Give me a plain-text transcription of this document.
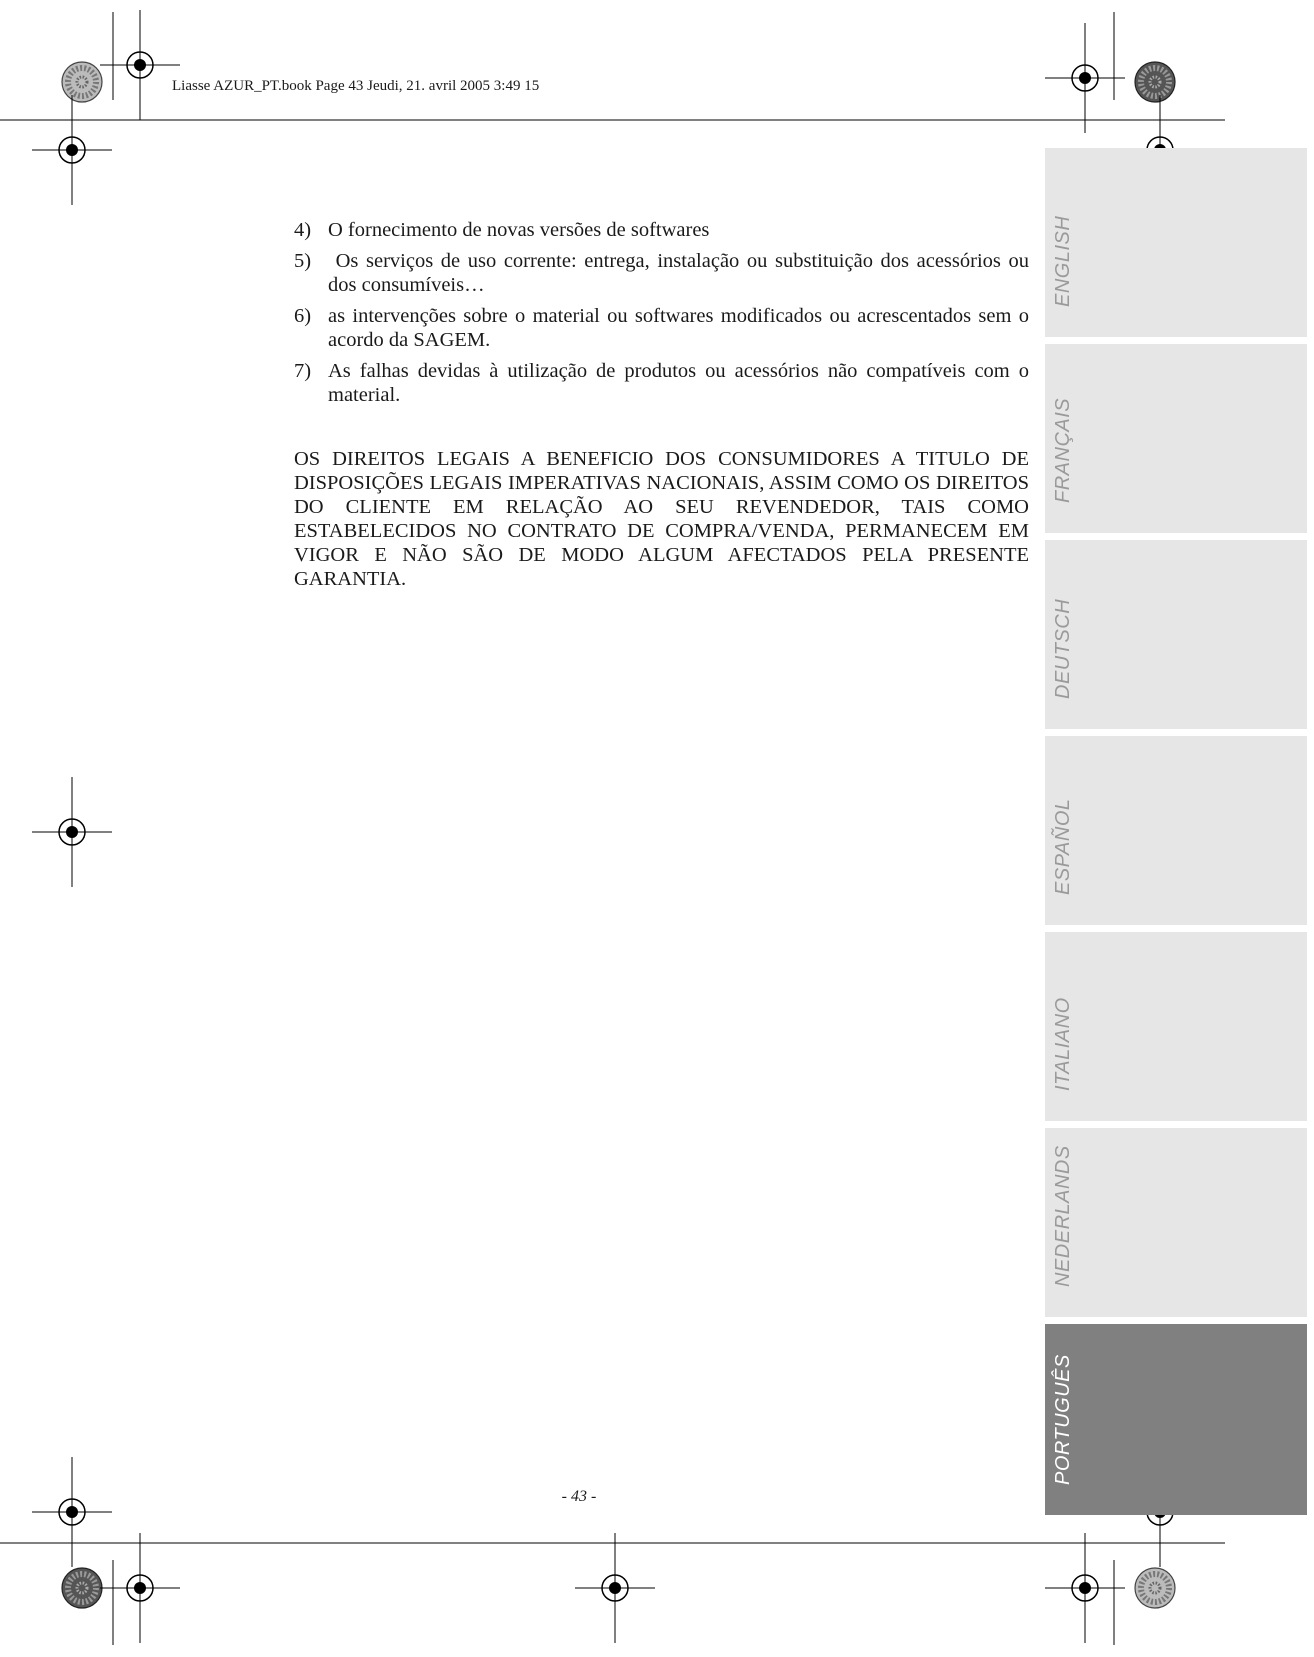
Liasse AZUR_PT.book Page 43 Jeudi, 21. avril 2005 3:49 15
4) O fornecimento de novas versões de softwares
5) Os serviços de uso corrente: entrega, instalação ou substituição dos acessórios ou dos consumíveis…
6) as intervenções sobre o material ou softwares modificados ou acrescentados sem o acordo da SAGEM.
7) As falhas devidas à utilização de produtos ou acessórios não compatíveis com o material.

OS DIREITOS LEGAIS A BENEFICIO DOS CONSUMIDORES A TITULO DE DISPOSIÇÕES LEGAIS IMPERATIVAS NACIONAIS, ASSIM COMO OS DIREITOS DO CLIENTE EM RELAÇÃO AO SEU REVENDEDOR, TAIS COMO ESTABELECIDOS NO CONTRATO DE COMPRA/VENDA, PERMANECEM EM VIGOR E NÃO SÃO DE MODO ALGUM AFECTADOS PELA PRESENTE GARANTIA.

- 43 -
ENGLISH
FRANÇAIS
DEUTSCH
ESPAÑOL
ITALIANO
NEDERLANDS
PORTUGUÊS
